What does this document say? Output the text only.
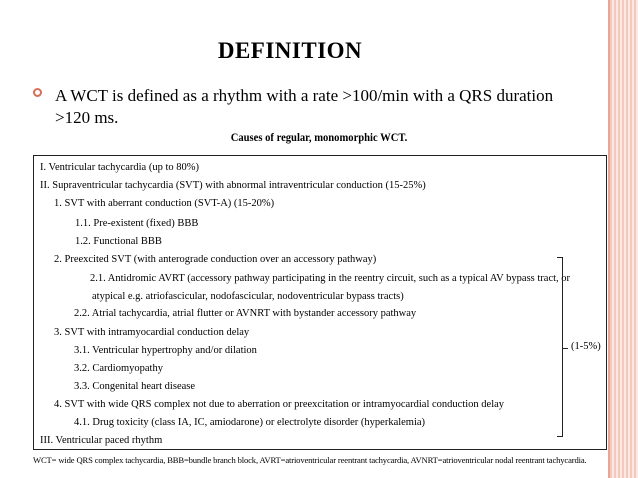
DEFINITION
A WCT is defined as a rhythm with a rate >100/min with a QRS duration >120 ms.
Causes of regular, monomorphic WCT.
I. Ventricular tachycardia (up to 80%)
II. Supraventricular tachycardia (SVT) with abnormal intraventricular conduction (15-25%)
1. SVT with aberrant conduction (SVT-A) (15-20%)
1.1. Pre-existent (fixed) BBB
1.2. Functional BBB
2. Preexcited SVT (with anterograde conduction over an accessory pathway)
2.1. Antidromic AVRT (accessory pathway participating in the reentry circuit, such as a typical AV bypass tract, or
atypical e.g. atriofascicular, nodofascicular, nodoventricular bypass tracts)
2.2. Atrial tachycardia, atrial flutter or AVNRT with bystander accessory pathway
3. SVT with intramyocardial conduction delay
3.1. Ventricular hypertrophy and/or dilation
3.2. Cardiomyopathy
3.3. Congenital heart disease
4. SVT with wide QRS complex not due to aberration or preexcitation or intramyocardial conduction delay
4.1. Drug toxicity (class IA, IC, amiodarone) or electrolyte disorder (hyperkalemia)
III. Ventricular paced rhythm
(1-5%)
WCT= wide QRS complex tachycardia, BBB=bundle branch block, AVRT=atrioventricular reentrant tachycardia, AVNRT=atrioventricular nodal reentrant tachycardia.
